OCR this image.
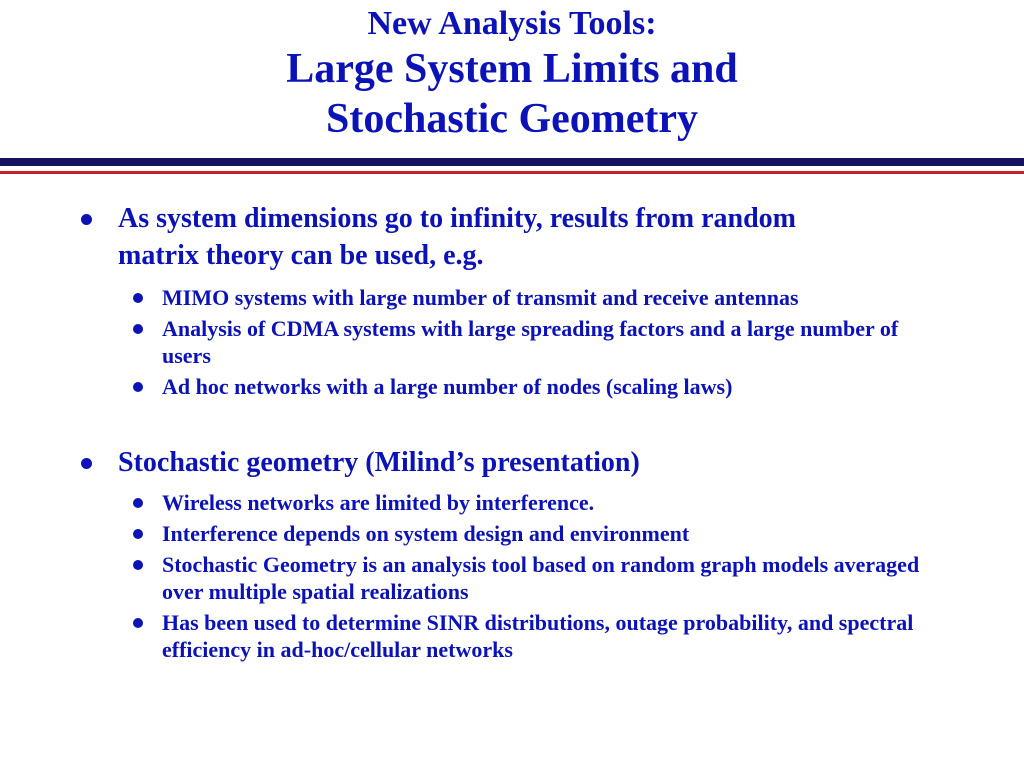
New Analysis Tools:
Large System Limits and
Stochastic Geometry
As system dimensions go to infinity, results from random matrix theory can be used, e.g.
MIMO systems with large number of transmit and receive antennas
Analysis of CDMA systems with large spreading factors and a large number of users
Ad hoc networks with a large number of nodes (scaling laws)
Stochastic geometry (Milind’s presentation)
Wireless networks are limited by interference.
Interference depends on system design and environment
Stochastic Geometry is an analysis tool based on random graph models averaged over multiple spatial realizations
Has been used to determine SINR distributions, outage probability, and spectral efficiency in ad-hoc/cellular networks
